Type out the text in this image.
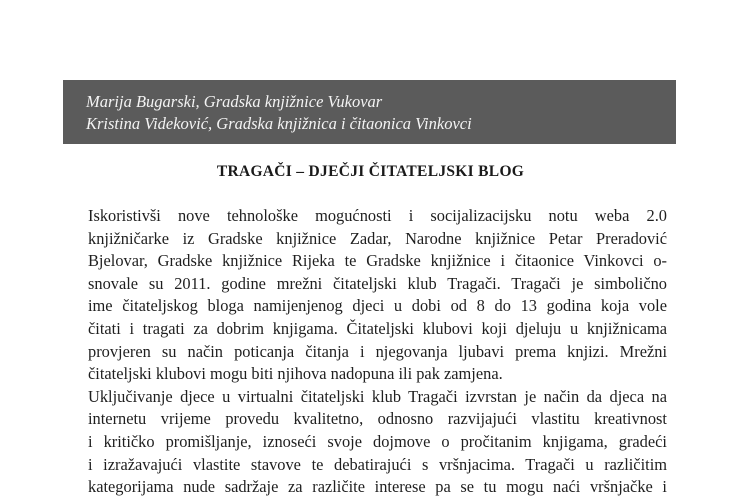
Marija Bugarski, Gradska knjižnice Vukovar
Kristina Videković, Gradska knjižnica i čitaonica Vinkovci
TRAGAČI – DJEČJI ČITATELJSKI BLOG
Iskoristivši nove tehnološke mogućnosti i socijalizacijsku notu weba 2.0
knjižničarke iz Gradske knjižnice Zadar, Narodne knjižnice Petar Preradović
Bjelovar, Gradske knjižnice Rijeka te Gradske knjižnice i čitaonice Vinkovci o-
snovale su 2011. godine mrežni čitateljski klub Tragači. Tragači je simbolično
ime čitateljskog bloga namijenjenog djeci u dobi od 8 do 13 godina koja vole
čitati i tragati za dobrim knjigama. Čitateljski klubovi koji djeluju u knjižnicama
provjeren su način poticanja čitanja i njegovanja ljubavi prema knjizi. Mrežni
čitateljski klubovi mogu biti njihova nadopuna ili pak zamjena.
Uključivanje djece u virtualni čitateljski klub Tragači izvrstan je način da djeca na
internetu vrijeme provedu kvalitetno, odnosno razvijajući vlastitu kreativnost
i kritičko promišljanje, iznoseći svoje dojmove o pročitanim knjigama, gradeći
i izražavajući vlastite stavove te debatirajući s vršnjacima. Tragači u različitim
kategorijama nude sadržaje za različite interese pa se tu mogu naći vršnjačke i
